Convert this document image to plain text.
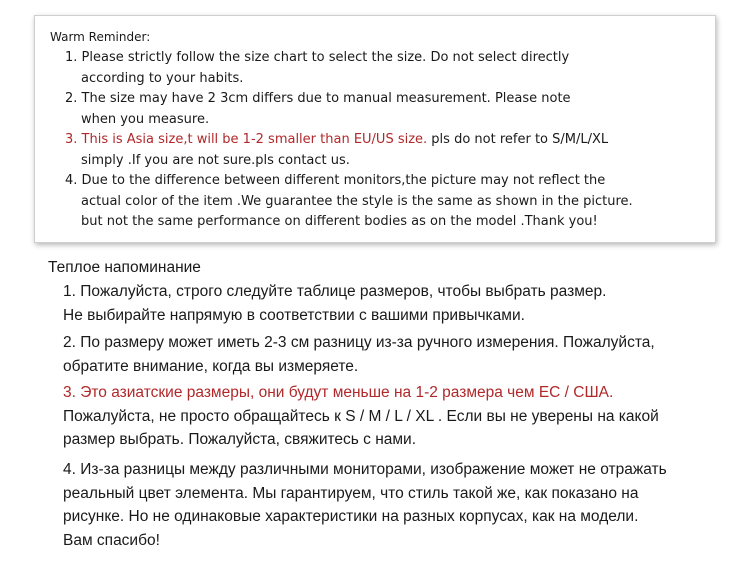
Warm Reminder:

1. Please strictly follow the size chart to select the size. Do not select directly

according to your habits.

2. The size may have 2 3cm differs due to manual measurement. Please note

when you measure.

3. This is Asia size,t will be 1-2 smaller than EU/US size. pls do not refer to S/M/L/XL

simply .If you are not sure.pls contact us.

4. Due to the difference between different monitors,the picture may not reflect the

actual color of the item .We guarantee the style is the same as shown in the picture.

but not the same performance on different bodies as on the model .Thank you!

Теплое напоминание

1. Пожалуйста, строго следуйте таблице размеров, чтобы выбрать размер.

Не выбирайте напрямую в соответствии с вашими привычками.

2. По размеру может иметь 2-3 см разницу из-за ручного измерения. Пожалуйста,

обратите внимание, когда вы измеряете.

3. Это азиатские размеры, они будут меньше на 1-2 размера чем ЕС / США.

Пожалуйста, не просто обращайтесь к S / M / L / XL . Если вы не уверены на какой

размер выбрать. Пожалуйста, свяжитесь с нами.

4. Из-за разницы между различными мониторами, изображение может не отражать

реальный цвет элемента. Мы гарантируем, что стиль такой же, как показано на

рисунке. Но не одинаковые характеристики на разных корпусах, как на модели.

Вам спасибо!
